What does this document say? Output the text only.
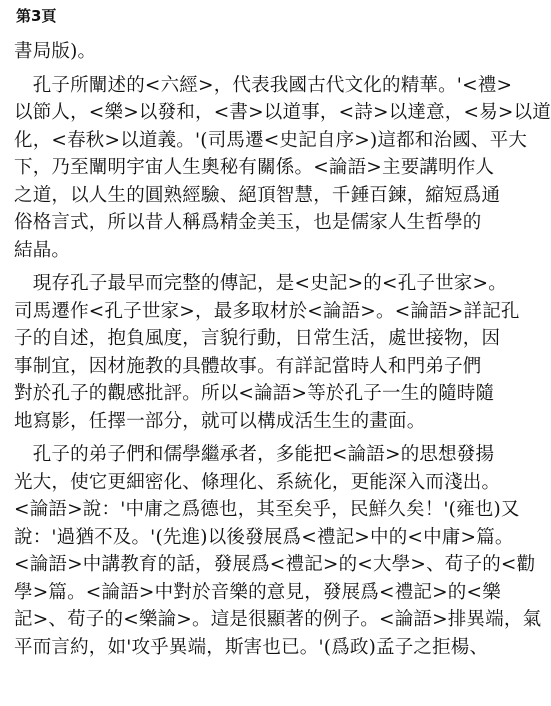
第3頁
書局版)。
　孔子所闡述的<六經>，代表我國古代文化的精華。'<禮>
以節人，<樂>以發和，<書>以道事，<詩>以達意，<易>以道
化，<春秋>以道義。'(司馬遷<史記自序>)這都和治國、平大
下，乃至闡明宇宙人生奧秘有關係。<論語>主要講明作人
之道，以人生的圓熟經驗、絕頂智慧，千錘百鍊，縮短爲通
俗格言式，所以昔人稱爲精金美玉，也是儒家人生哲學的
結晶。
　現存孔子最早而完整的傳記，是<史記>的<孔子世家>。
司馬遷作<孔子世家>，最多取材於<論語>。<論語>詳記孔
子的自述，抱負風度，言貌行動，日常生活，處世接物，因
事制宜，因材施教的具體故事。有詳記當時人和門弟子們
對於孔子的觀感批評。所以<論語>等於孔子一生的隨時隨
地寫影，任擇一部分，就可以構成活生生的畫面。
　孔子的弟子們和儒學繼承者，多能把<論語>的思想發揚
光大，使它更細密化、條理化、系統化，更能深入而淺出。
<論語>說：'中庸之爲德也，其至矣乎，民鮮久矣！'(雍也)又
說：'過猶不及。'(先進)以後發展爲<禮記>中的<中庸>篇。
<論語>中講教育的話，發展爲<禮記>的<大學>、荀子的<勸
學>篇。<論語>中對於音樂的意見，發展爲<禮記>的<樂
記>、荀子的<樂論>。這是很顯著的例子。<論語>排異端，氣
平而言約，如'攻乎異端，斯害也已。'(爲政)孟子之拒楊、
